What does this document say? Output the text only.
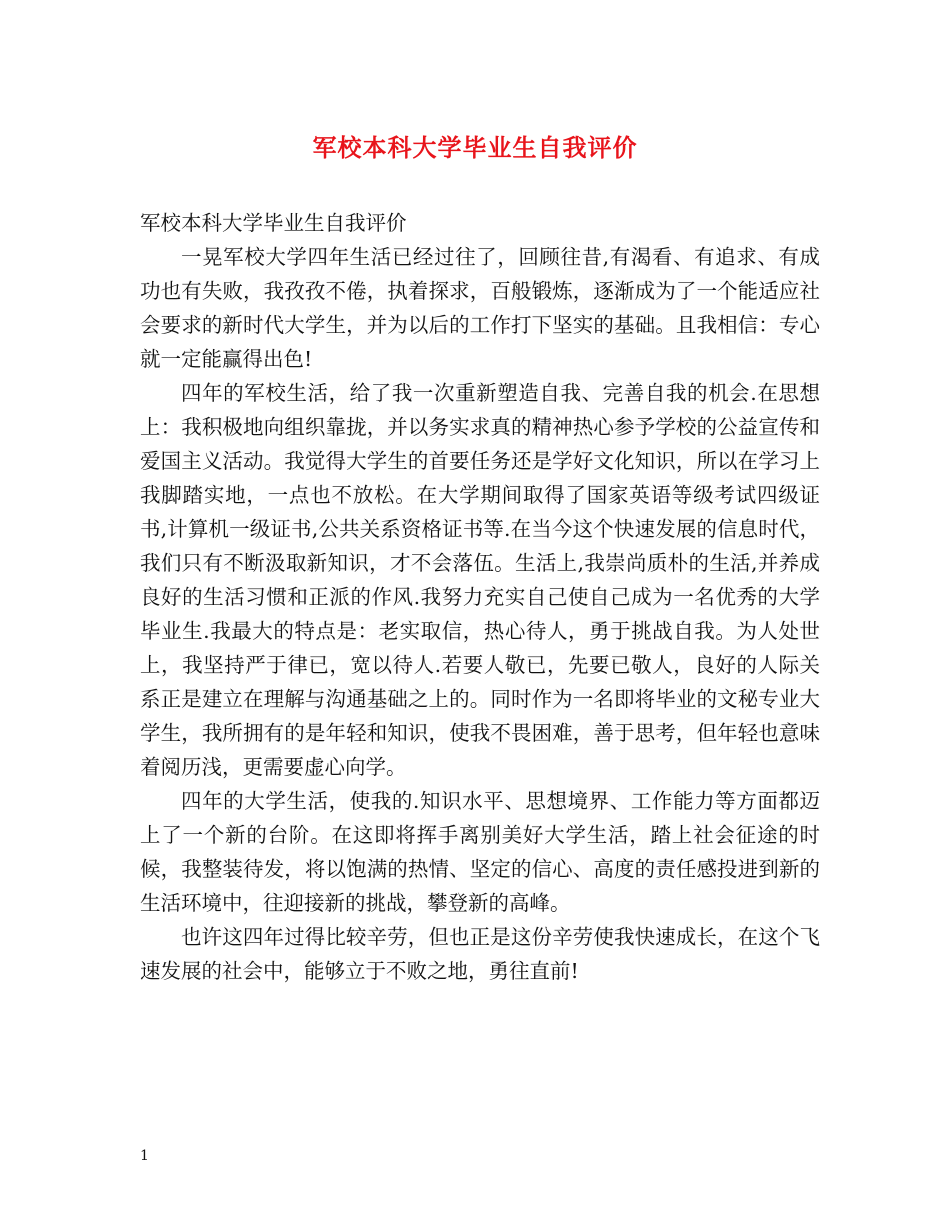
军校本科大学毕业生自我评价

军校本科大学毕业生自我评价

一晃军校大学四年生活已经过往了，回顾往昔,有渴看、有追求、有成功也有失败，我孜孜不倦，执着探求，百般锻炼，逐渐成为了一个能适应社会要求的新时代大学生，并为以后的工作打下坚实的基础。且我相信：专心就一定能赢得出色!

四年的军校生活，给了我一次重新塑造自我、完善自我的机会.在思想上：我积极地向组织靠拢，并以务实求真的精神热心参予学校的公益宣传和爱国主义活动。我觉得大学生的首要任务还是学好文化知识，所以在学习上我脚踏实地，一点也不放松。在大学期间取得了国家英语等级考试四级证书,计算机一级证书,公共关系资格证书等.在当今这个快速发展的信息时代，我们只有不断汲取新知识，才不会落伍。生活上,我崇尚质朴的生活,并养成良好的生活习惯和正派的作风.我努力充实自己使自己成为一名优秀的大学毕业生.我最大的特点是：老实取信，热心待人，勇于挑战自我。为人处世上，我坚持严于律已，宽以待人.若要人敬已，先要已敬人，良好的人际关系正是建立在理解与沟通基础之上的。同时作为一名即将毕业的文秘专业大学生，我所拥有的是年轻和知识，使我不畏困难，善于思考，但年轻也意味着阅历浅，更需要虚心向学。

四年的大学生活，使我的.知识水平、思想境界、工作能力等方面都迈上了一个新的台阶。在这即将挥手离别美好大学生活，踏上社会征途的时候，我整装待发，将以饱满的热情、坚定的信心、高度的责任感投进到新的生活环境中，往迎接新的挑战，攀登新的高峰。

也许这四年过得比较辛劳，但也正是这份辛劳使我快速成长，在这个飞速发展的社会中，能够立于不败之地，勇往直前!

1
